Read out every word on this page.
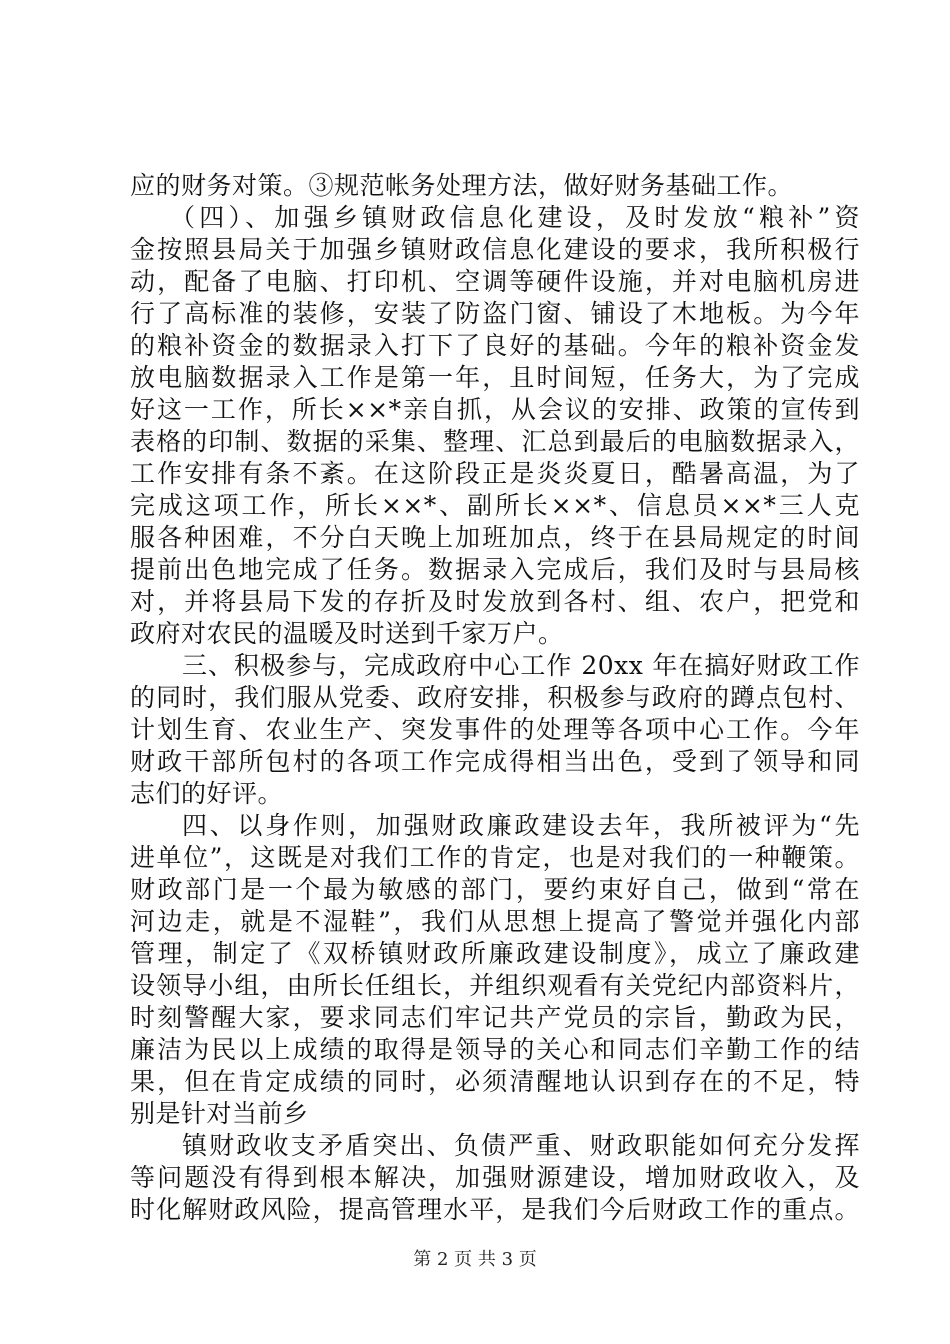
应的财务对策。③规范帐务处理方法，做好财务基础工作。
（四）、加强乡镇财政信息化建设，及时发放“粮补”资
金按照县局关于加强乡镇财政信息化建设的要求，我所积极行
动，配备了电脑、打印机、空调等硬件设施，并对电脑机房进
行了高标准的装修，安装了防盗门窗、铺设了木地板。为今年
的粮补资金的数据录入打下了良好的基础。今年的粮补资金发
放电脑数据录入工作是第一年，且时间短，任务大，为了完成
好这一工作，所长××*亲自抓，从会议的安排、政策的宣传到
表格的印制、数据的采集、整理、汇总到最后的电脑数据录入，
工作安排有条不紊。在这阶段正是炎炎夏日，酷暑高温，为了
完成这项工作，所长××*、副所长××*、信息员××*三人克
服各种困难，不分白天晚上加班加点，终于在县局规定的时间
提前出色地完成了任务。数据录入完成后，我们及时与县局核
对，并将县局下发的存折及时发放到各村、组、农户，把党和
政府对农民的温暖及时送到千家万户。
三、积极参与，完成政府中心工作 20xx 年在搞好财政工作
的同时，我们服从党委、政府安排，积极参与政府的蹲点包村、
计划生育、农业生产、突发事件的处理等各项中心工作。今年
财政干部所包村的各项工作完成得相当出色，受到了领导和同
志们的好评。
四、以身作则，加强财政廉政建设去年，我所被评为“先
进单位”，这既是对我们工作的肯定，也是对我们的一种鞭策。
财政部门是一个最为敏感的部门，要约束好自己，做到“常在
河边走，就是不湿鞋”，我们从思想上提高了警觉并强化内部
管理，制定了《双桥镇财政所廉政建设制度》，成立了廉政建
设领导小组，由所长任组长，并组织观看有关党纪内部资料片，
时刻警醒大家，要求同志们牢记共产党员的宗旨，勤政为民，
廉洁为民以上成绩的取得是领导的关心和同志们辛勤工作的结
果，但在肯定成绩的同时，必须清醒地认识到存在的不足，特
别是针对当前乡
镇财政收支矛盾突出、负债严重、财政职能如何充分发挥
等问题没有得到根本解决，加强财源建设，增加财政收入，及
时化解财政风险，提高管理水平，是我们今后财政工作的重点。
第 2 页 共 3 页
